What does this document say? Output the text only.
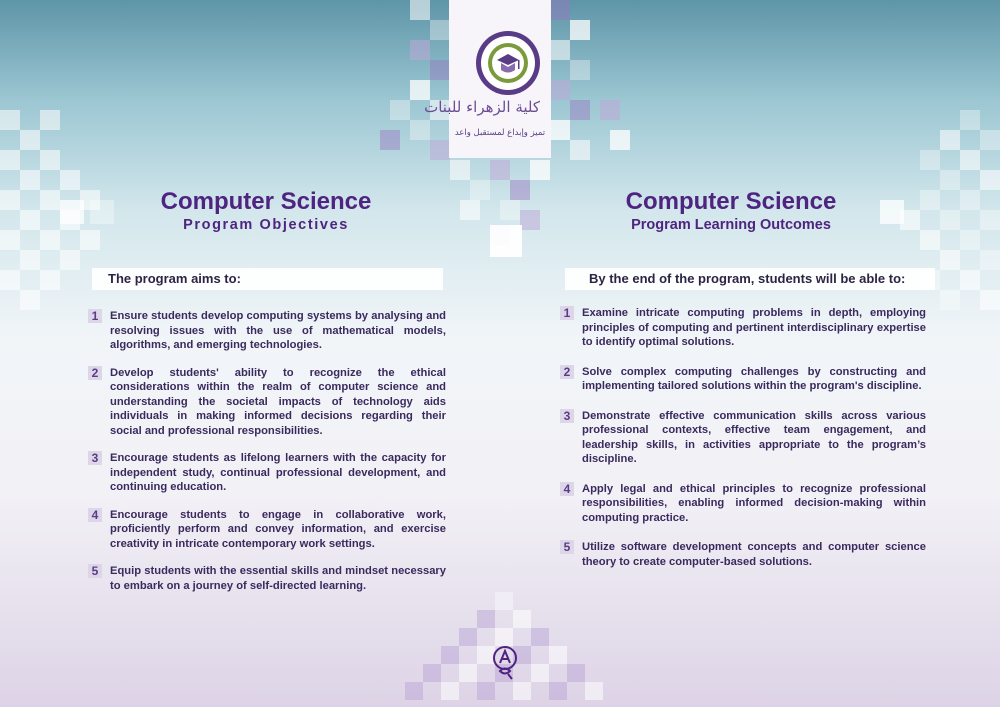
كلية الزهراء للبنات
تميز وإبداع لمستقبل واعد
Computer Science
Program Objectives
The program aims to:
1	Ensure students develop computing systems by analysing and resolving issues with the use of mathematical models, algorithms, and emerging technologies.
2	Develop students' ability to recognize the ethical considerations within the realm of computer science and understanding the societal impacts of technology aids individuals in making informed decisions regarding their social and professional responsibilities.
3	Encourage students as lifelong learners with the capacity for independent study, continual professional development, and continuing education.
4	Encourage students to engage in collaborative work, proficiently perform and convey information, and exercise creativity in intricate contemporary work settings.
5	Equip students with the essential skills and mindset necessary to embark on a journey of self-directed learning.
Computer Science
Program Learning Outcomes
By the end of the program, students will be able to:
1	Examine intricate computing problems in depth, employing principles of computing and pertinent interdisciplinary expertise to identify optimal solutions.
2	Solve complex computing challenges by constructing and implementing tailored solutions within the program's discipline.
3	Demonstrate effective communication skills across various professional contexts, effective team engagement, and leadership skills, in activities appropriate to the program’s discipline.
4	Apply legal and ethical principles to recognize professional responsibilities, enabling informed decision-making within computing practice.
5	Utilize software development concepts and computer science theory to create computer-based solutions.
